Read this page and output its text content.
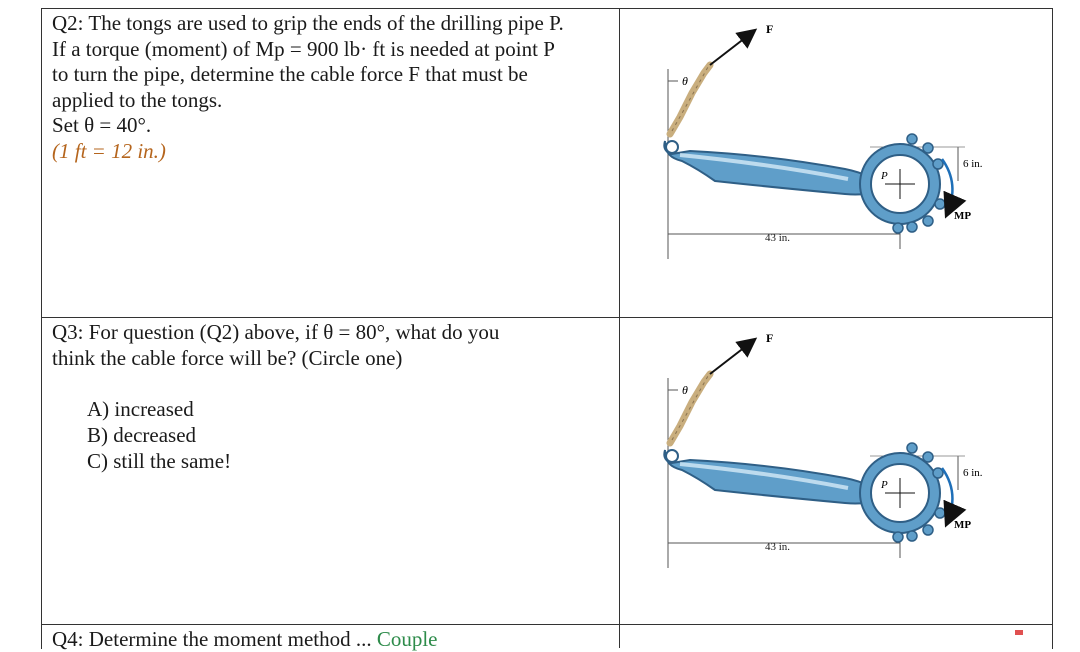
Q2: The tongs are used to grip the ends of the drilling pipe P.
If a torque (moment) of Mp = 900 lb· ft is needed at point P
to turn the pipe, determine the cable force F that must be
applied to the tongs.
Set θ = 40°.
(1 ft = 12 in.)
Q3: For question (Q2) above, if θ = 80°, what do you
think the cable force will be? (Circle one)
A) increased
B) decreased
C) still the same!
Q4: Determine the moment method ... Couple
F
θ
P
6 in.
43 in.
MP
F
θ
P
6 in.
43 in.
MP
